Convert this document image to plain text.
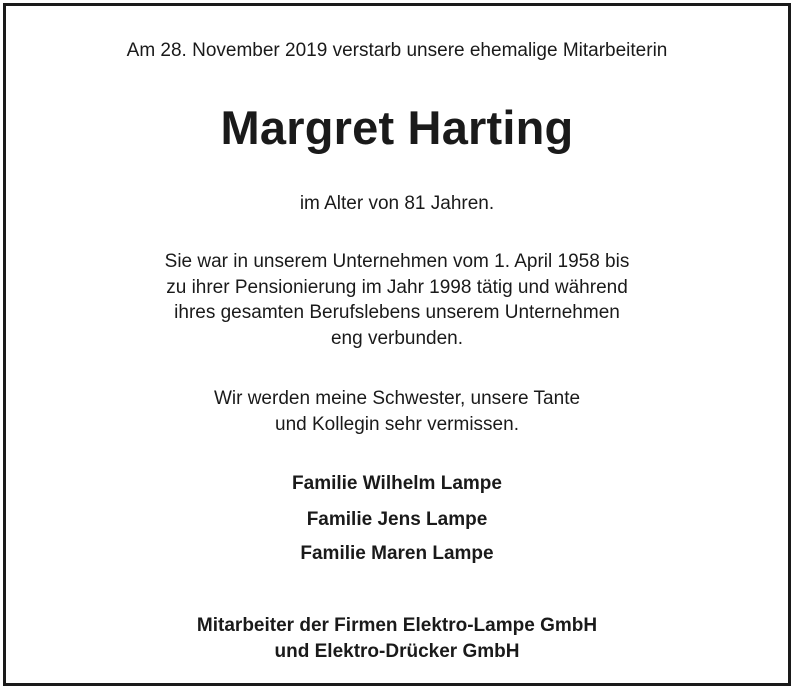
Am 28. November 2019 verstarb unsere ehemalige Mitarbeiterin
Margret Harting
im Alter von 81 Jahren.
Sie war in unserem Unternehmen vom 1. April 1958 bis
zu ihrer Pensionierung im Jahr 1998 tätig und während
ihres gesamten Berufslebens unserem Unternehmen
eng verbunden.
Wir werden meine Schwester, unsere Tante
und Kollegin sehr vermissen.
Familie Wilhelm Lampe
Familie Jens Lampe
Familie Maren Lampe
Mitarbeiter der Firmen Elektro-Lampe GmbH
und Elektro-Drücker GmbH
